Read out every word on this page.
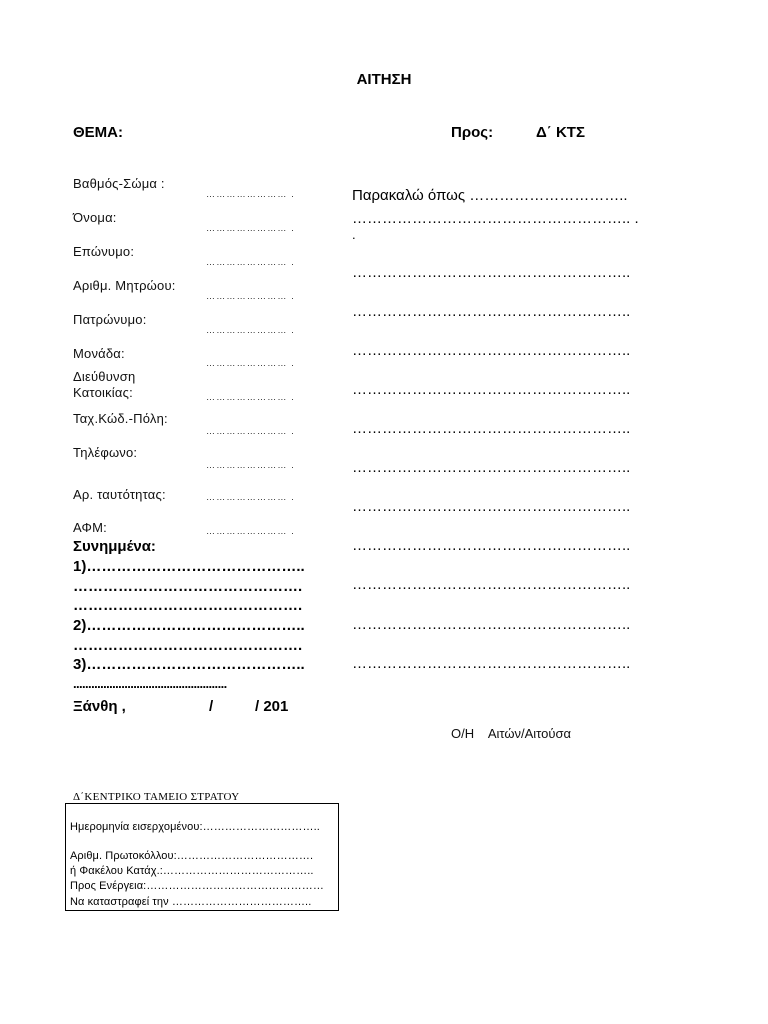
ΑΙΤΗΣΗ
ΘΕΜΑ:	Προς:	Δ΄ ΚΤΣ
Βαθμός-Σώμα :
…………………… .
Όνομα:
…………………… .
Επώνυμο:
…………………… .
Αριθμ. Μητρώου:
…………………… .
Πατρώνυμο:
…………………… .
Μονάδα:
…………………… .
Διεύθυνση Κατοικίας:	…………………… .
Ταχ.Κώδ.-Πόλη:
…………………… .
Τηλέφωνο:
…………………… .
Αρ. ταυτότητας:	…………………… .
ΑΦΜ:	…………………… .
Συνημμένα:
1)……………………………………..
……………………………………….
……………………………………….
2)……………………………………..
……………………………………….
3)……………………………………..
...................................................
Ξάνθη ,	/	/ 201
Παρακαλώ όπως …………………………..
……………………………………………….. .
.
………………………………………………..
………………………………………………..
………………………………………………..
………………………………………………..
………………………………………………..
………………………………………………..
………………………………………………..
………………………………………………..
………………………………………………..
………………………………………………..
………………………………………………..
Ο/Η    Αιτών/Αιτούσα
Δ΄ΚΕΝΤΡΙΚΟ ΤΑΜΕΙΟ ΣΤΡΑΤΟΥ
Ημερομηνία εισερχομένου:…………………………..
Αριθμ. Πρωτοκόλλου:……………………………….
ή Φακέλου Κατάχ.:…………………………………..
Προς Ενέργεια:…………………………………………
Να καταστραφεί την ………………………………..
